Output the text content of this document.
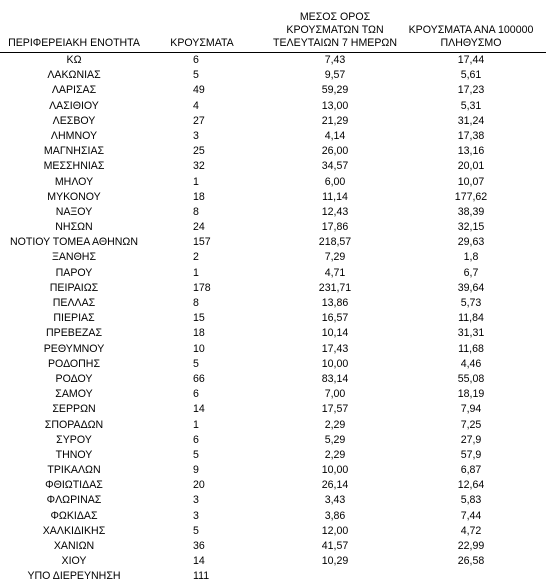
ΠΕΡΙΦΕΡΕΙΑΚΗ ΕΝΟΤΗΤΑ	ΚΡΟΥΣΜΑΤΑ
ΜΕΣΟΣ ΟΡΟΣ
ΚΡΟΥΣΜΑΤΩΝ ΤΩΝ
ΤΕΛΕΥΤΑΙΩΝ 7 ΗΜΕΡΩΝ
ΚΡΟΥΣΜΑΤΑ ΑΝΑ 100000
ΠΛΗΘΥΣΜΟ
ΚΩ	6	7,43	17,44
ΛΑΚΩΝΙΑΣ	5	9,57	5,61
ΛΑΡΙΣΑΣ	49	59,29	17,23
ΛΑΣΙΘΙΟΥ	4	13,00	5,31
ΛΕΣΒΟΥ	27	21,29	31,24
ΛΗΜΝΟΥ	3	4,14	17,38
ΜΑΓΝΗΣΙΑΣ	25	26,00	13,16
ΜΕΣΣΗΝΙΑΣ	32	34,57	20,01
ΜΗΛΟΥ	1	6,00	10,07
ΜΥΚΟΝΟΥ	18	11,14	177,62
ΝΑΞΟΥ	8	12,43	38,39
ΝΗΣΩΝ	24	17,86	32,15
ΝΟΤΙΟΥ ΤΟΜΕΑ ΑΘΗΝΩΝ	157	218,57	29,63
ΞΑΝΘΗΣ	2	7,29	1,8
ΠΑΡΟΥ	1	4,71	6,7
ΠΕΙΡΑΙΩΣ	178	231,71	39,64
ΠΕΛΛΑΣ	8	13,86	5,73
ΠΙΕΡΙΑΣ	15	16,57	11,84
ΠΡΕΒΕΖΑΣ	18	10,14	31,31
ΡΕΘΥΜΝΟΥ	10	17,43	11,68
ΡΟΔΟΠΗΣ	5	10,00	4,46
ΡΟΔΟΥ	66	83,14	55,08
ΣΑΜΟΥ	6	7,00	18,19
ΣΕΡΡΩΝ	14	17,57	7,94
ΣΠΟΡΑΔΩΝ	1	2,29	7,25
ΣΥΡΟΥ	6	5,29	27,9
ΤΗΝΟΥ	5	2,29	57,9
ΤΡΙΚΑΛΩΝ	9	10,00	6,87
ΦΘΙΩΤΙΔΑΣ	20	26,14	12,64
ΦΛΩΡΙΝΑΣ	3	3,43	5,83
ΦΩΚΙΔΑΣ	3	3,86	7,44
ΧΑΛΚΙΔΙΚΗΣ	5	12,00	4,72
ΧΑΝΙΩΝ	36	41,57	22,99
ΧΙΟΥ	14	10,29	26,58
ΥΠΟ ΔΙΕΡΕΥΝΗΣΗ	111
